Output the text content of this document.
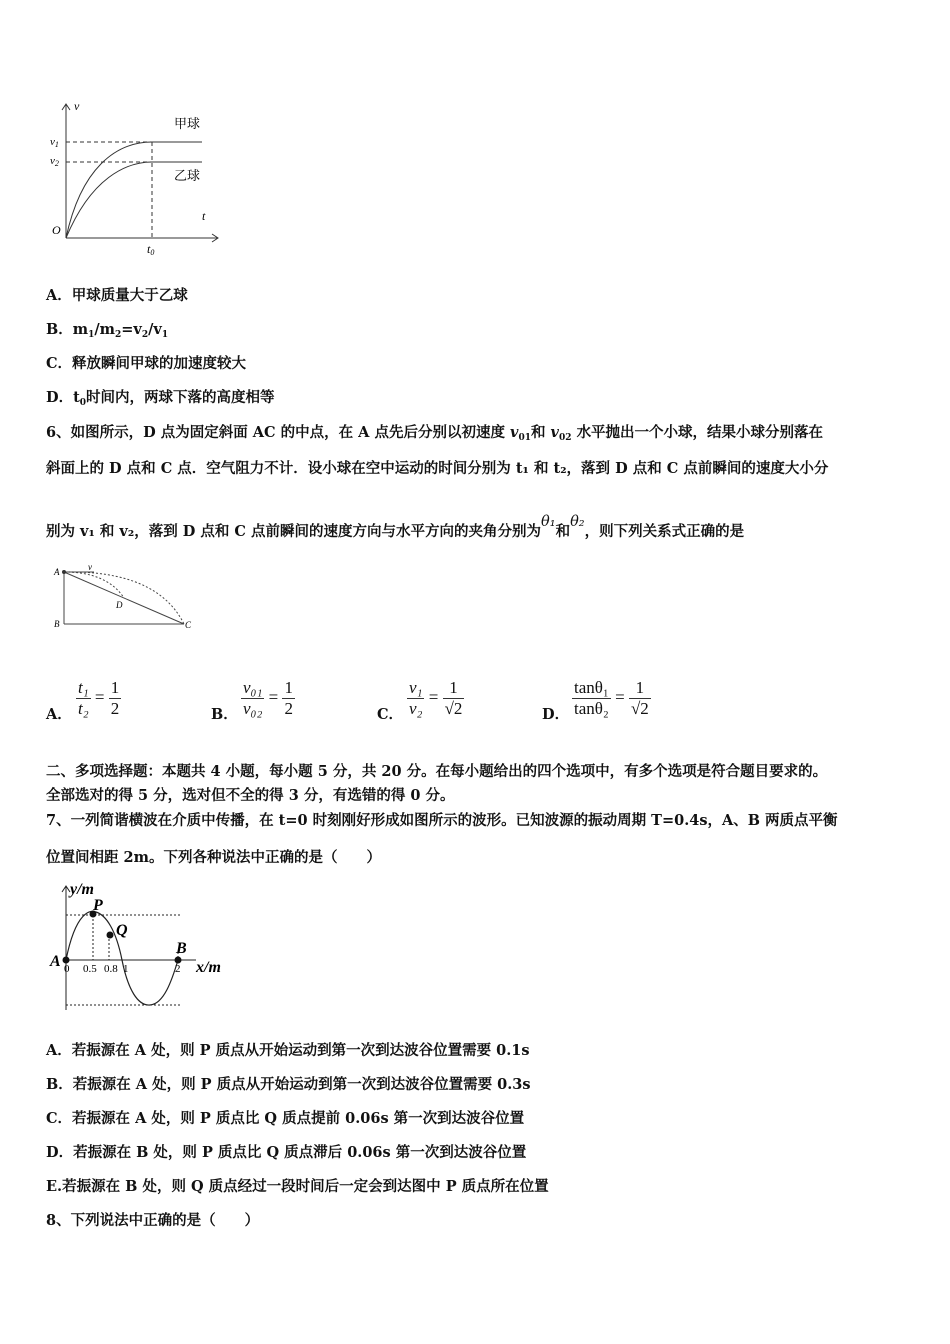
v
t
O
v1
v2
t0
甲球
乙球
A．甲球质量大于乙球
B．$m_1/m_2=v_2/v_1$
C．释放瞬间甲球的加速度较大
D．$t_0$时间内，两球下落的高度相等
6、如图所示，D 点为固定斜面 AC 的中点，在 A 点先后分别以初速度 $v_{01}$和 $v_{02}$ 水平抛出一个小球，结果小球分别落在
斜面上的 D 点和 C 点．空气阻力不计．设小球在空中运动的时间分别为 t₁ 和 t₂，落到 D 点和 C 点前瞬间的速度大小分
别为 v₁ 和 v₂，落到 D 点和 C 点前瞬间的速度方向与水平方向的夹角分别为θ₁和θ₂，则下列关系式正确的是
A
B	C
D
v
A． $\frac{\text{t₁}}{\text{t₂}} = \frac{1}{2}$	B． $\frac{\text{v₀₁}}{\text{v₀₂}} = \frac{1}{2}$	C． $\frac{\text{v₁}}{\text{v₂}} = \frac{1}{√2}$	D． $\frac{\text{tanθ₁}}{\text{tanθ₂}} = \frac{1}{√2}$
二、多项选择题：本题共 4 小题，每小题 5 分，共 20 分。在每小题给出的四个选项中，有多个选项是符合题目要求的。
全部选对的得 5 分，选对但不全的得 3 分，有选错的得 0 分。
7、一列简谐横波在介质中传播，在 t=0 时刻刚好形成如图所示的波形。已知波源的振动周期 T=0.4s，A、B 两质点平衡
位置间相距 2m。下列各种说法中正确的是（　　）
y/m
x/m
P
Q
A
B
0 0.5 0.8 1	2
A．若振源在 A 处，则 P 质点从开始运动到第一次到达波谷位置需要 0.1s
B．若振源在 A 处，则 P 质点从开始运动到第一次到达波谷位置需要 0.3s
C．若振源在 A 处，则 P 质点比 Q 质点提前 0.06s 第一次到达波谷位置
D．若振源在 B 处，则 P 质点比 Q 质点滞后 0.06s 第一次到达波谷位置
E.若振源在 B 处，则 Q 质点经过一段时间后一定会到达图中 P 质点所在位置
8、下列说法中正确的是（　　）
